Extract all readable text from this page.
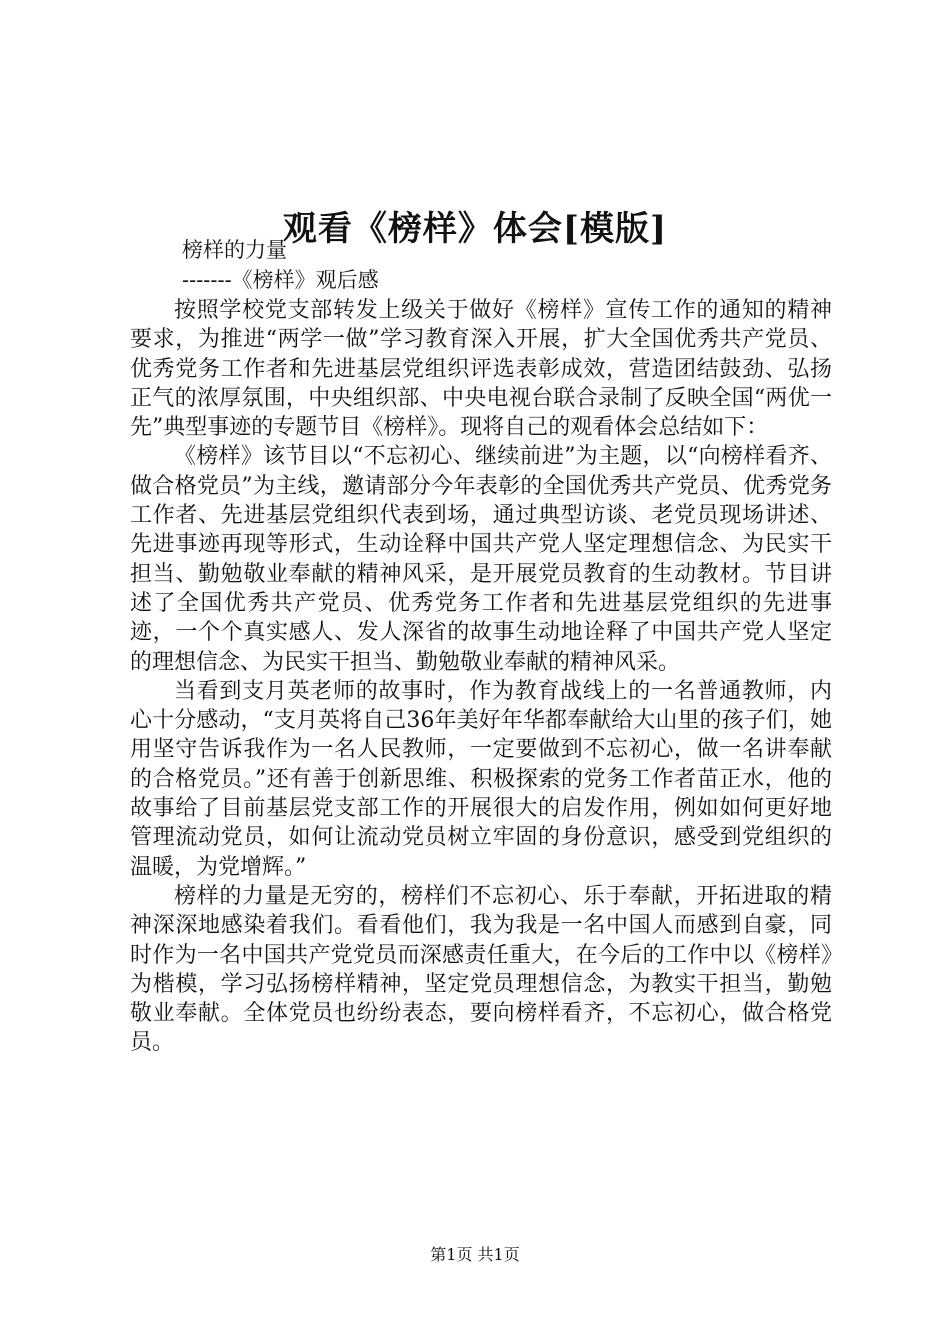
观看《榜样》体会[模版]
榜样的力量
-------《榜样》观后感

按照学校党支部转发上级关于做好《榜样》宣传工作的通知的精神要求，为推进“两学一做”学习教育深入开展，扩大全国优秀共产党员、优秀党务工作者和先进基层党组织评选表彰成效，营造团结鼓劲、弘扬正气的浓厚氛围，中央组织部、中央电视台联合录制了反映全国“两优一先”典型事迹的专题节目《榜样》。现将自己的观看体会总结如下：

《榜样》该节目以“不忘初心、继续前进”为主题，以“向榜样看齐、做合格党员”为主线，邀请部分今年表彰的全国优秀共产党员、优秀党务工作者、先进基层党组织代表到场，通过典型访谈、老党员现场讲述、先进事迹再现等形式，生动诠释中国共产党人坚定理想信念、为民实干担当、勤勉敬业奉献的精神风采，是开展党员教育的生动教材。节目讲述了全国优秀共产党员、优秀党务工作者和先进基层党组织的先进事迹，一个个真实感人、发人深省的故事生动地诠释了中国共产党人坚定的理想信念、为民实干担当、勤勉敬业奉献的精神风采。

当看到支月英老师的故事时，作为教育战线上的一名普通教师，内心十分感动，“支月英将自己36年美好年华都奉献给大山里的孩子们，她用坚守告诉我作为一名人民教师，一定要做到不忘初心，做一名讲奉献的合格党员。”还有善于创新思维、积极探索的党务工作者苗正水，他的故事给了目前基层党支部工作的开展很大的启发作用，例如如何更好地管理流动党员，如何让流动党员树立牢固的身份意识，感受到党组织的温暖，为党增辉。”

榜样的力量是无穷的，榜样们不忘初心、乐于奉献，开拓进取的精神深深地感染着我们。看看他们，我为我是一名中国人而感到自豪，同时作为一名中国共产党党员而深感责任重大，在今后的工作中以《榜样》为楷模，学习弘扬榜样精神，坚定党员理想信念，为教实干担当，勤勉敬业奉献。全体党员也纷纷表态，要向榜样看齐，不忘初心，做合格党员。

第1页 共1页
